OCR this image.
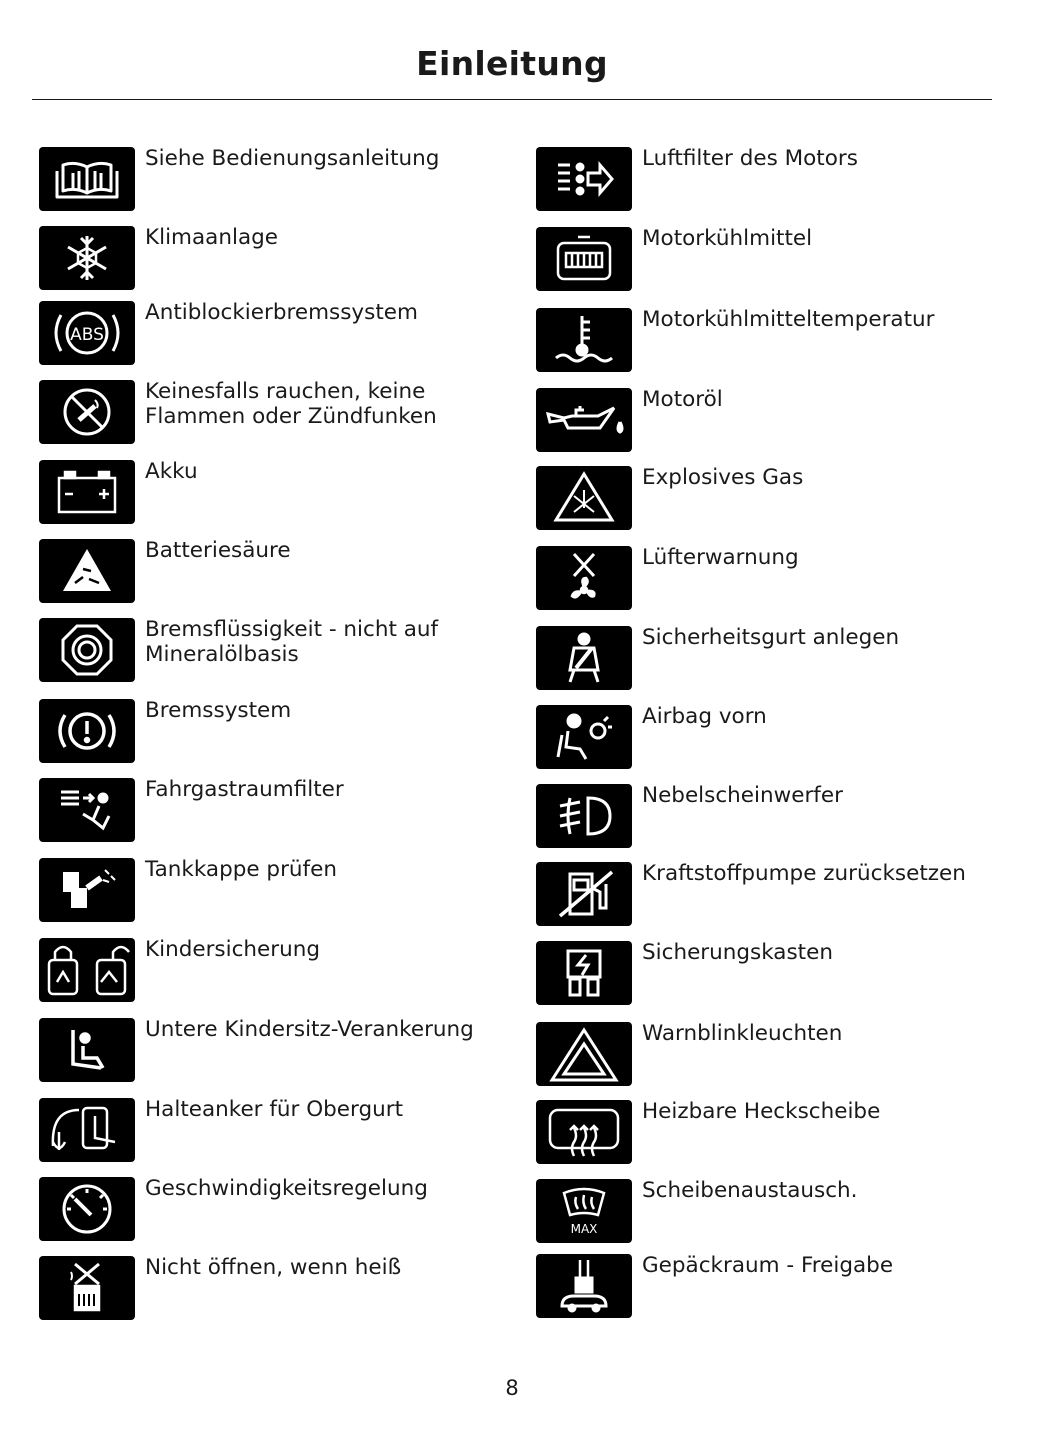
Einleitung
Siehe Bedienungsanleitung
Klimaanlage
ABS
Antiblockierbremssystem
Keinesfalls rauchen, keine
Flammen oder Zündfunken
Akku
Batteriesäure
Bremsflüssigkeit - nicht auf
Mineralölbasis
Bremssystem
Fahrgastraumfilter
Tankkappe prüfen
Kindersicherung
Untere Kindersitz-Verankerung
Halteanker für Obergurt
Geschwindigkeitsregelung
Nicht öffnen, wenn heiß
Luftfilter des Motors
Motorkühlmittel
Motorkühlmitteltemperatur
Motoröl
Explosives Gas
Lüfterwarnung
Sicherheitsgurt anlegen
Airbag vorn
Nebelscheinwerfer
Kraftstoffpumpe zurücksetzen
Sicherungskasten
Warnblinkleuchten
Heizbare Heckscheibe
MAX
Scheibenaustausch.
Gepäckraum - Freigabe
8
